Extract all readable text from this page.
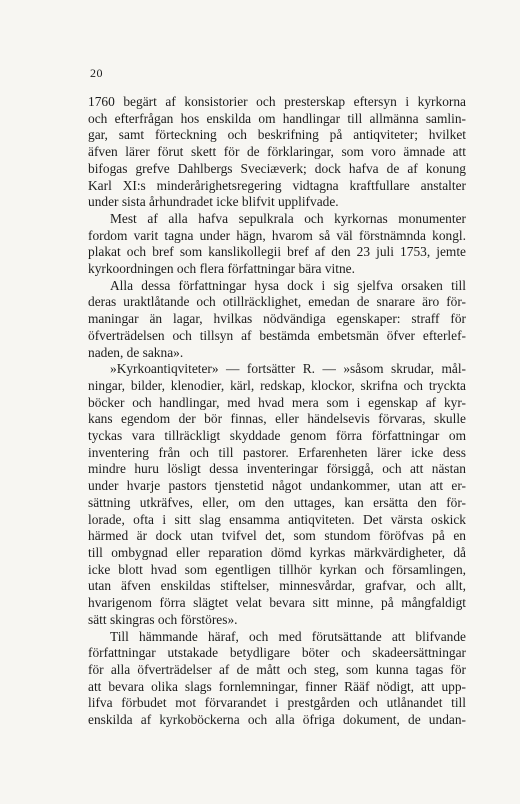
20

1760 begärt af konsistorier och presterskap eftersyn i kyrkorna
och efterfrågan hos enskilda om handlingar till allmänna samlin-
gar, samt förteckning och beskrifning på antiqviteter; hvilket
äfven lärer förut skett för de förklaringar, som voro ämnade att
bifogas grefve Dahlbergs Sveciæverk; dock hafva de af konung
Karl XI:s minderårighetsregering vidtagna kraftfullare anstalter
under sista århundradet icke blifvit upplifvade.

Mest af alla hafva sepulkrala och kyrkornas monumenter
fordom varit tagna under hägn, hvarom så väl förstnämnda kongl.
plakat och bref som kanslikollegii bref af den 23 juli 1753, jemte
kyrkoordningen och flera författningar bära vitne.

Alla dessa författningar hysa dock i sig sjelfva orsaken till
deras uraktlåtande och otillräcklighet, emedan de snarare äro för-
maningar än lagar, hvilkas nödvändiga egenskaper: straff för
öfverträdelsen och tillsyn af bestämda embetsmän öfver efterlef-
naden, de sakna».

»Kyrkoantiqviteter» — fortsätter R. — »såsom skrudar, mål-
ningar, bilder, klenodier, kärl, redskap, klockor, skrifna och tryckta
böcker och handlingar, med hvad mera som i egenskap af kyr-
kans egendom der bör finnas, eller händelsevis förvaras, skulle
tyckas vara tillräckligt skyddade genom förra författningar om
inventering från och till pastorer. Erfarenheten lärer icke dess
mindre huru lösligt dessa inventeringar försiggå, och att nästan
under hvarje pastors tjenstetid något undankommer, utan att er-
sättning utkräfves, eller, om den uttages, kan ersätta den för-
lorade, ofta i sitt slag ensamma antiqviteten. Det värsta oskick
härmed är dock utan tvifvel det, som stundom föröfvas på en
till ombygnad eller reparation dömd kyrkas märkvärdigheter, då
icke blott hvad som egentligen tillhör kyrkan och församlingen,
utan äfven enskildas stiftelser, minnesvårdar, grafvar, och allt,
hvarigenom förra slägtet velat bevara sitt minne, på mångfaldigt
sätt skingras och förstöres».

Till hämmande häraf, och med förutsättande att blifvande
författningar utstakade betydligare böter och skadeersättningar
för alla öfverträdelser af de mått och steg, som kunna tagas för
att bevara olika slags fornlemningar, finner Rääf nödigt, att upp-
lifva förbudet mot förvarandet i prestgården och utlånandet till
enskilda af kyrkoböckerna och alla öfriga dokument, de undan-
